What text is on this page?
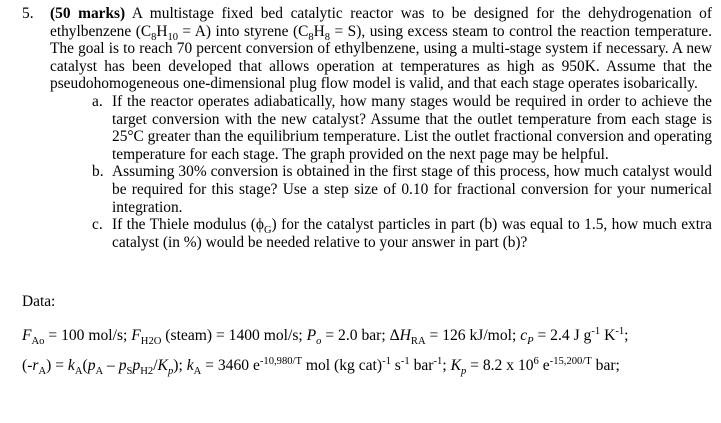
5. (50 marks) A multistage fixed bed catalytic reactor was to be designed for the dehydrogenation of ethylbenzene $(C_8H_{10} = A)$ into styrene $(C_8H_8 = S)$, using excess steam to control the reaction temperature. The goal is to reach 70 percent conversion of ethylbenzene, using a multi-stage system if necessary. A new catalyst has been developed that allows operation at temperatures as high as 950K. Assume that the pseudohomogeneous one-dimensional plug flow model is valid, and that each stage operates isobarically.
a. If the reactor operates adiabatically, how many stages would be required in order to achieve the target conversion with the new catalyst? Assume that the outlet temperature from each stage is 25°C greater than the equilibrium temperature. List the outlet fractional conversion and operating temperature for each stage. The graph provided on the next page may be helpful.
b. Assuming 30% conversion is obtained in the first stage of this process, how much catalyst would be required for this stage? Use a step size of 0.10 for fractional conversion for your numerical integration.
c. If the Thiele modulus $(\phi_G)$ for the catalyst particles in part (b) was equal to 1.5, how much extra catalyst (in %) would be needed relative to your answer in part (b)?
Data:
$F_{Ao} = 100$ mol/s; $F_{H2O}$ (steam) = 1400 mol/s; $P_o = 2.0$ bar; $\Delta H_{RA} = 126$ kJ/mol; $c_P = 2.4$ J $g^{-1}$ $K^{-1}$;
$(-r_A) = k_A(p_A - p_Sp_{H2}/K_p)$; $k_A = 3460$ $e^{-10,980/T}$ mol (kg cat)$^{-1}$ $s^{-1}$ bar$^{-1}$; $K_p = 8.2$ x $10^6$ $e^{-15,200/T}$ bar;
